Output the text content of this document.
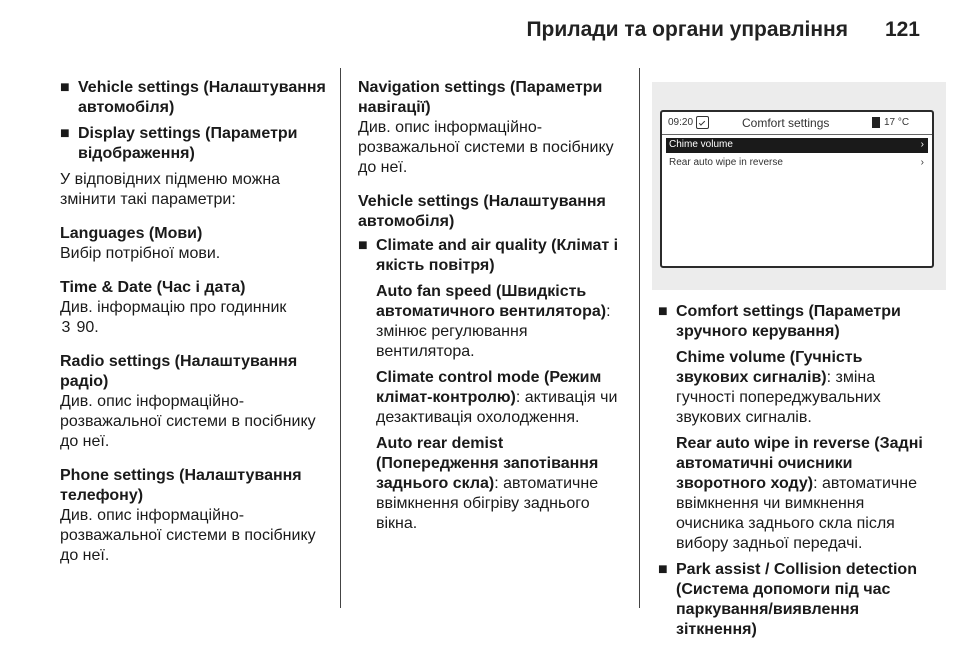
Прилади та органи управління 121
■ Vehicle settings (Налаштування автомобіля)
■ Display settings (Параметри відображення)
У відповідних підменю можна змінити такі параметри:
Languages (Мови)
Вибір потрібної мови.
Time & Date (Час і дата)
Див. інформацію про годинник
3 90.
Radio settings (Налаштування радіо)
Див. опис інформаційно-розважальної системи в посібнику до неї.
Phone settings (Налаштування телефону)
Див. опис інформаційно-розважальної системи в посібнику до неї.
Navigation settings (Параметри навігації)
Див. опис інформаційно-розважальної системи в посібнику до неї.
Vehicle settings (Налаштування автомобіля)
■ Climate and air quality (Клімат і якість повітря)
Auto fan speed (Швидкість автоматичного вентилятора): змінює регулювання вентилятора.
Climate control mode (Режим клімат-контролю): активація чи дезактивація охолодження.
Auto rear demist (Попередження запотівання заднього скла): автоматичне ввімкнення обігріву заднього вікна.
09:20	Comfort settings	17 °C
Chime volume	›
Rear auto wipe in reverse	›
■ Comfort settings (Параметри зручного керування)
Chime volume (Гучність звукових сигналів): зміна гучності попереджувальних звукових сигналів.
Rear auto wipe in reverse (Задні автоматичні очисники зворотного ходу): автоматичне ввімкнення чи вимкнення очисника заднього скла після вибору задньої передачі.
■ Park assist / Collision detection (Система допомоги під час паркування/виявлення зіткнення)
